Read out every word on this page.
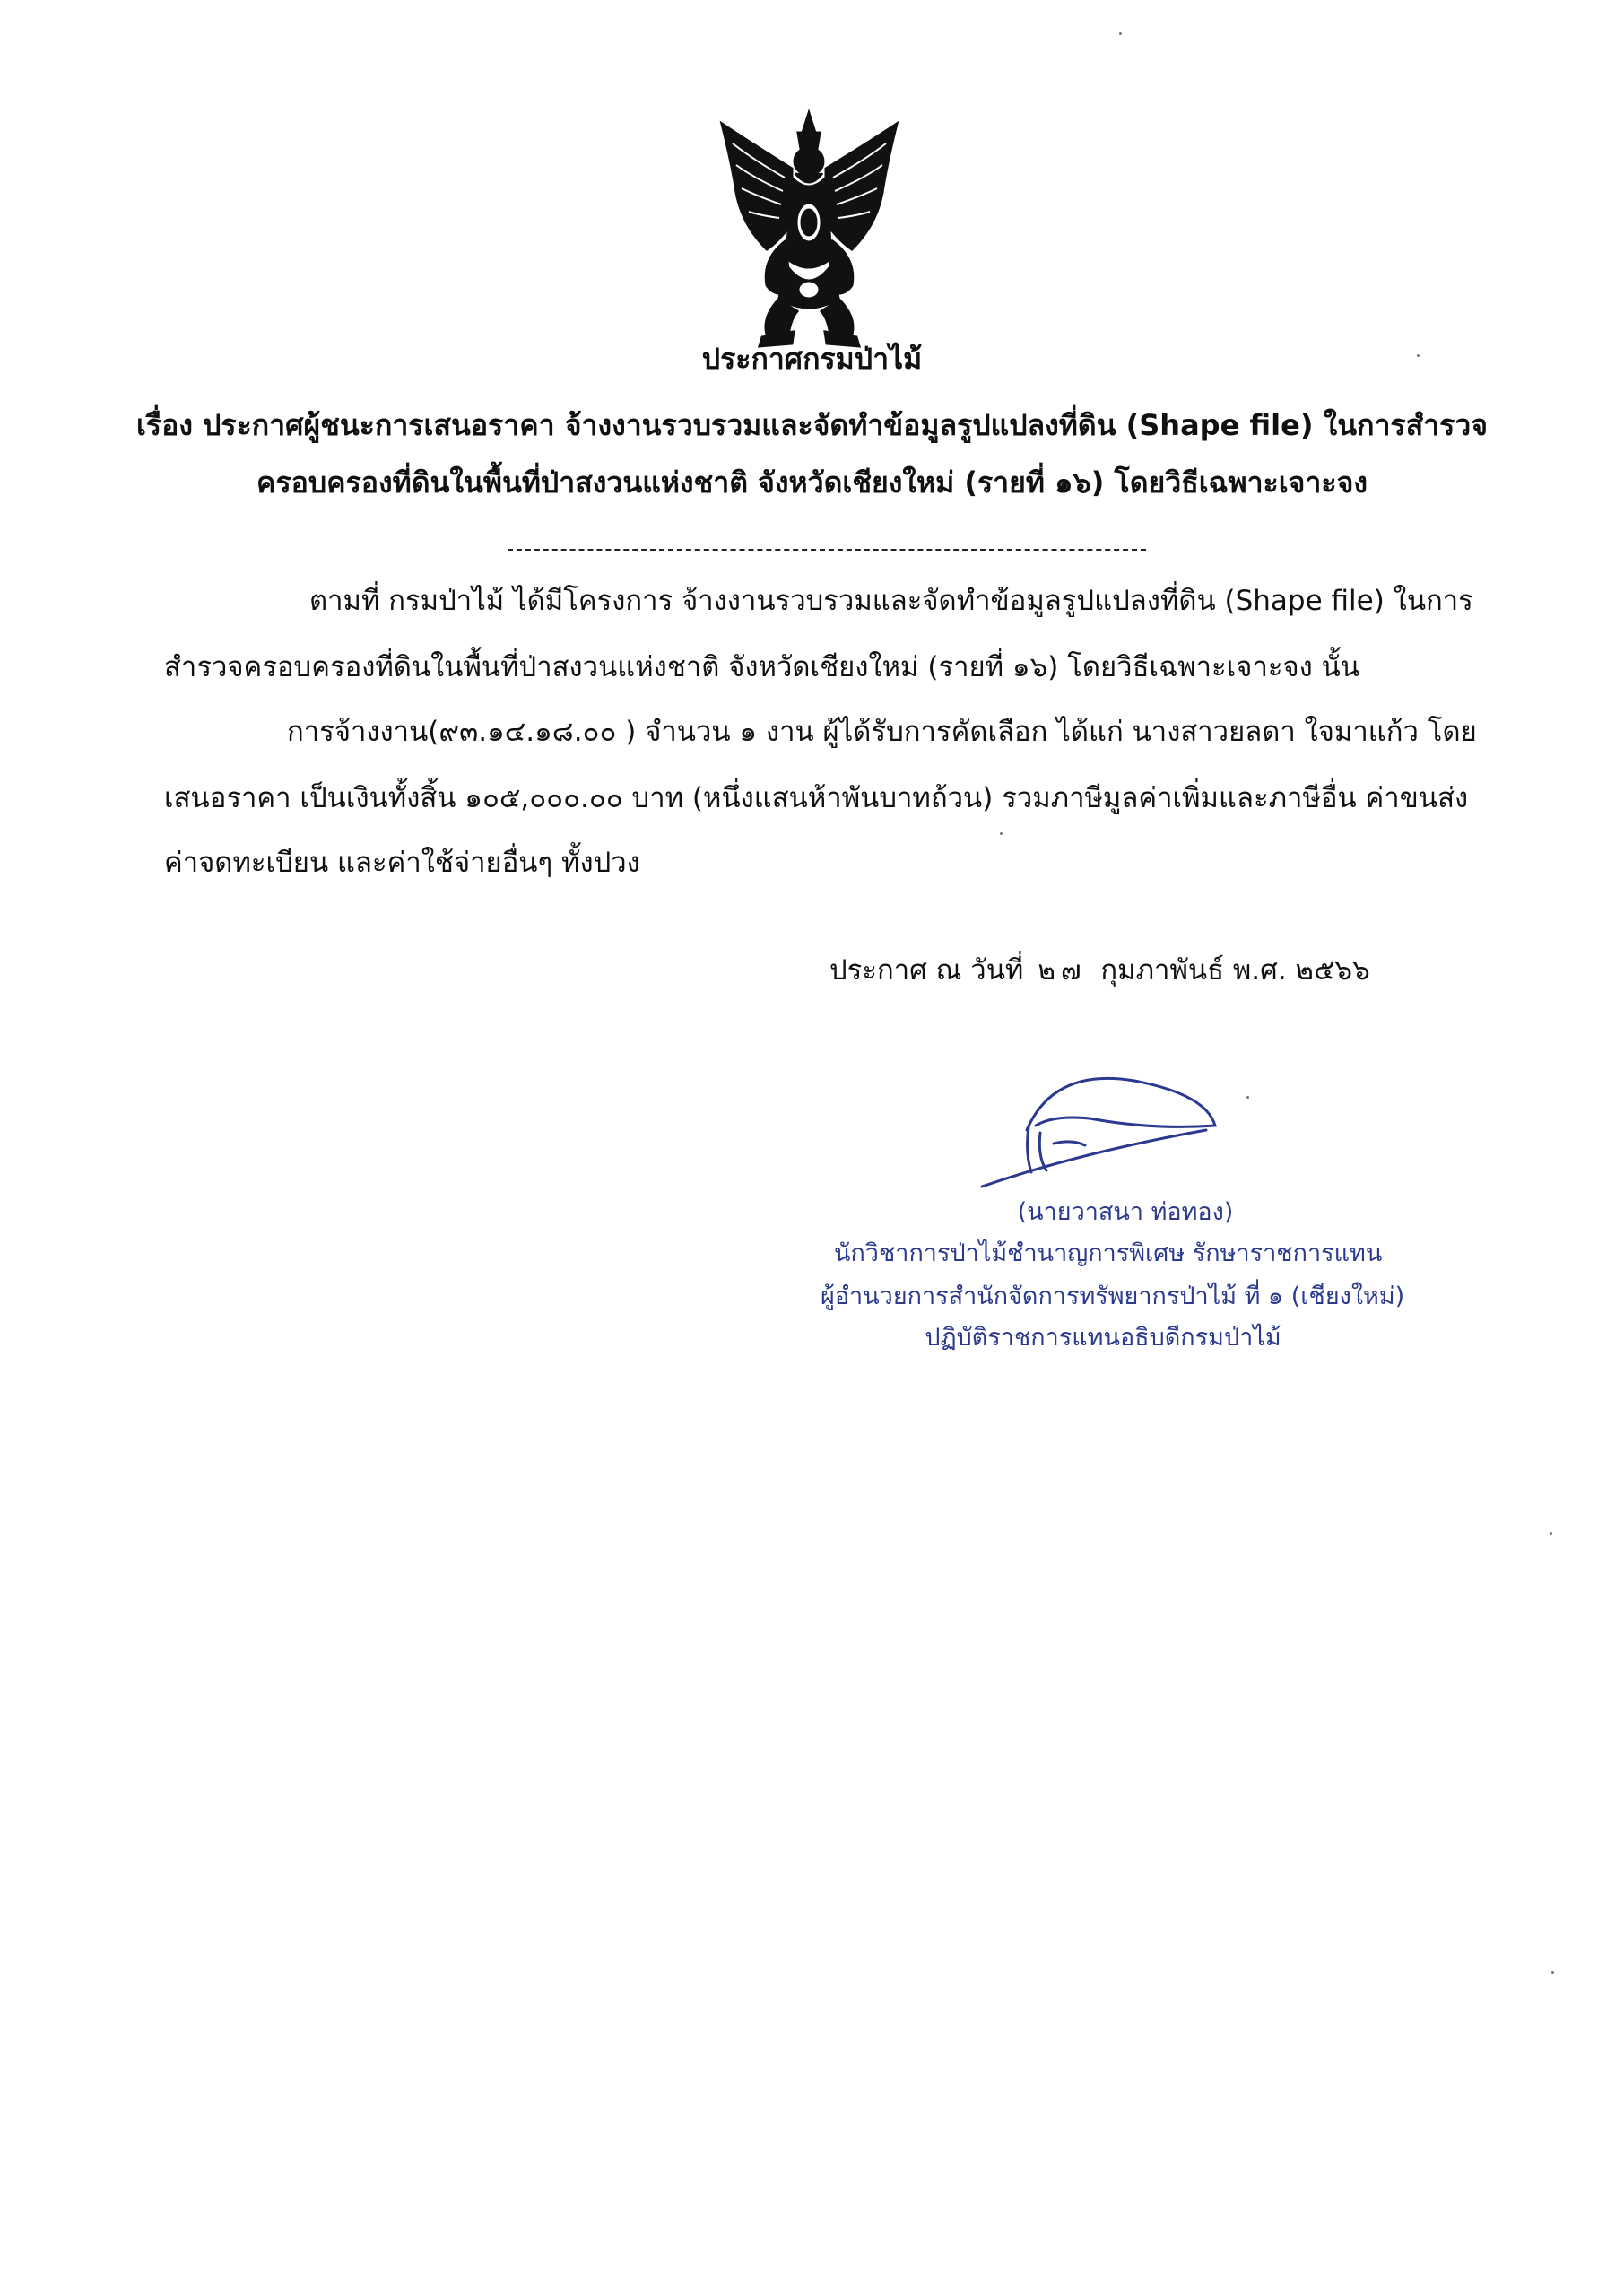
ประกาศกรมป่าไม้

เรื่อง ประกาศผู้ชนะการเสนอราคา จ้างงานรวบรวมและจัดทำข้อมูลรูปแปลงที่ดิน (Shape file) ในการสำรวจ

ครอบครองที่ดินในพื้นที่ป่าสงวนแห่งชาติ จังหวัดเชียงใหม่ (รายที่ ๑๖) โดยวิธีเฉพาะเจาะจง

ตามที่ กรมป่าไม้ ได้มีโครงการ จ้างงานรวบรวมและจัดทำข้อมูลรูปแปลงที่ดิน (Shape file) ในการ

สำรวจครอบครองที่ดินในพื้นที่ป่าสงวนแห่งชาติ จังหวัดเชียงใหม่ (รายที่ ๑๖) โดยวิธีเฉพาะเจาะจง นั้น

การจ้างงาน(๙๓.๑๔.๑๘.๐๐ ) จำนวน ๑ งาน ผู้ได้รับการคัดเลือก ได้แก่ นางสาวยลดา ใจมาแก้ว โดย

เสนอราคา เป็นเงินทั้งสิ้น ๑๐๕,๐๐๐.๐๐ บาท (หนึ่งแสนห้าพันบาทถ้วน) รวมภาษีมูลค่าเพิ่มและภาษีอื่น ค่าขนส่ง

ค่าจดทะเบียน และค่าใช้จ่ายอื่นๆ ทั้งปวง

ประกาศ ณ วันที่ ๒๗ กุมภาพันธ์ พ.ศ. ๒๕๖๖

(นายวาสนา ท่อทอง)

นักวิชาการป่าไม้ชำนาญการพิเศษ รักษาราชการแทน

ผู้อำนวยการสำนักจัดการทรัพยากรป่าไม้ ที่ ๑ (เชียงใหม่)

ปฏิบัติราชการแทนอธิบดีกรมป่าไม้
